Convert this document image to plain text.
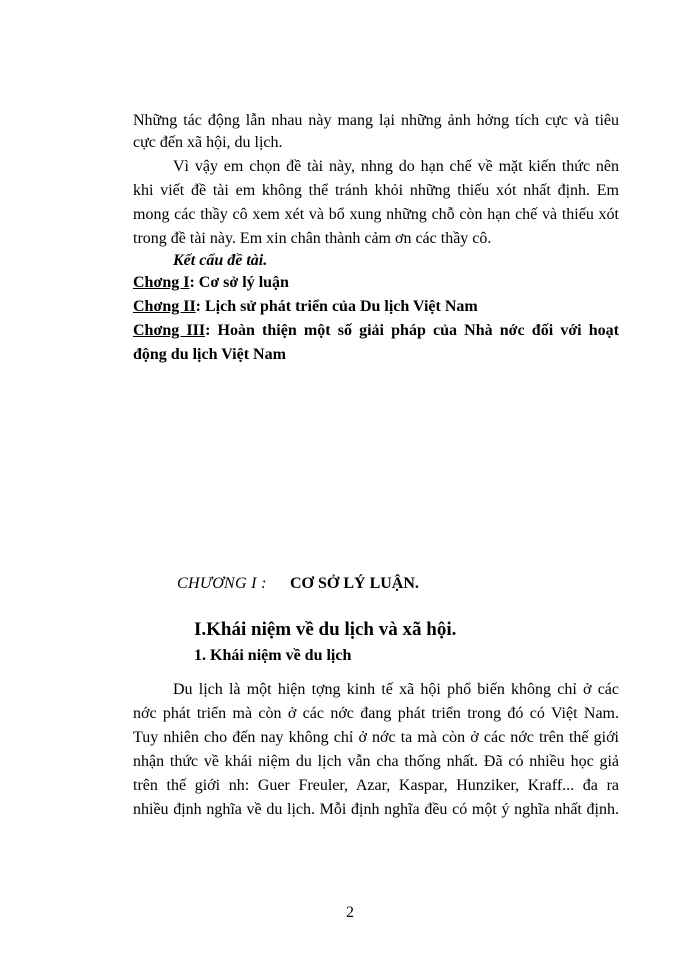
Những tác động lẫn nhau này mang lại những ảnh hởng tích cực và tiêu
cực đến xã hội, du lịch.
Vì vậy em chọn đề tài này, nhng do hạn chế về mặt kiến thức nên
khi viết đề tài em không thể tránh khỏi những thiếu xót nhất định. Em
mong các thầy cô xem xét và bổ xung những chỗ còn hạn chế và thiếu xót
trong đề tài này. Em xin chân thành cảm ơn các thầy cô.
Kết cấu đề tài.
Chơng I: Cơ sở lý luận
Chơng II: Lịch sử phát triển của Du lịch Việt Nam
Chơng III: Hoàn thiện một số giải pháp của Nhà nớc đối với hoạt
động du lịch Việt Nam
CHƯƠNG I : CƠ SỞ LÝ LUẬN.
I.Khái niệm về du lịch và xã hội.
1. Khái niệm về du lịch
Du lịch là một hiện tợng kinh tế xã hội phổ biến không chỉ ở các
nớc phát triển mà còn ở các nớc đang phát triển trong đó có Việt Nam.
Tuy nhiên cho đến nay không chỉ ở nớc ta mà còn ở các nớc trên thế giới
nhận thức về khái niệm du lịch vẫn cha thống nhất. Đã có nhiều học giả
trên thế giới nh: Guer Freuler, Azar, Kaspar, Hunziker, Kraff... đa ra
nhiều định nghĩa về du lịch. Mỗi định nghĩa đều có một ý nghĩa nhất định.
2
